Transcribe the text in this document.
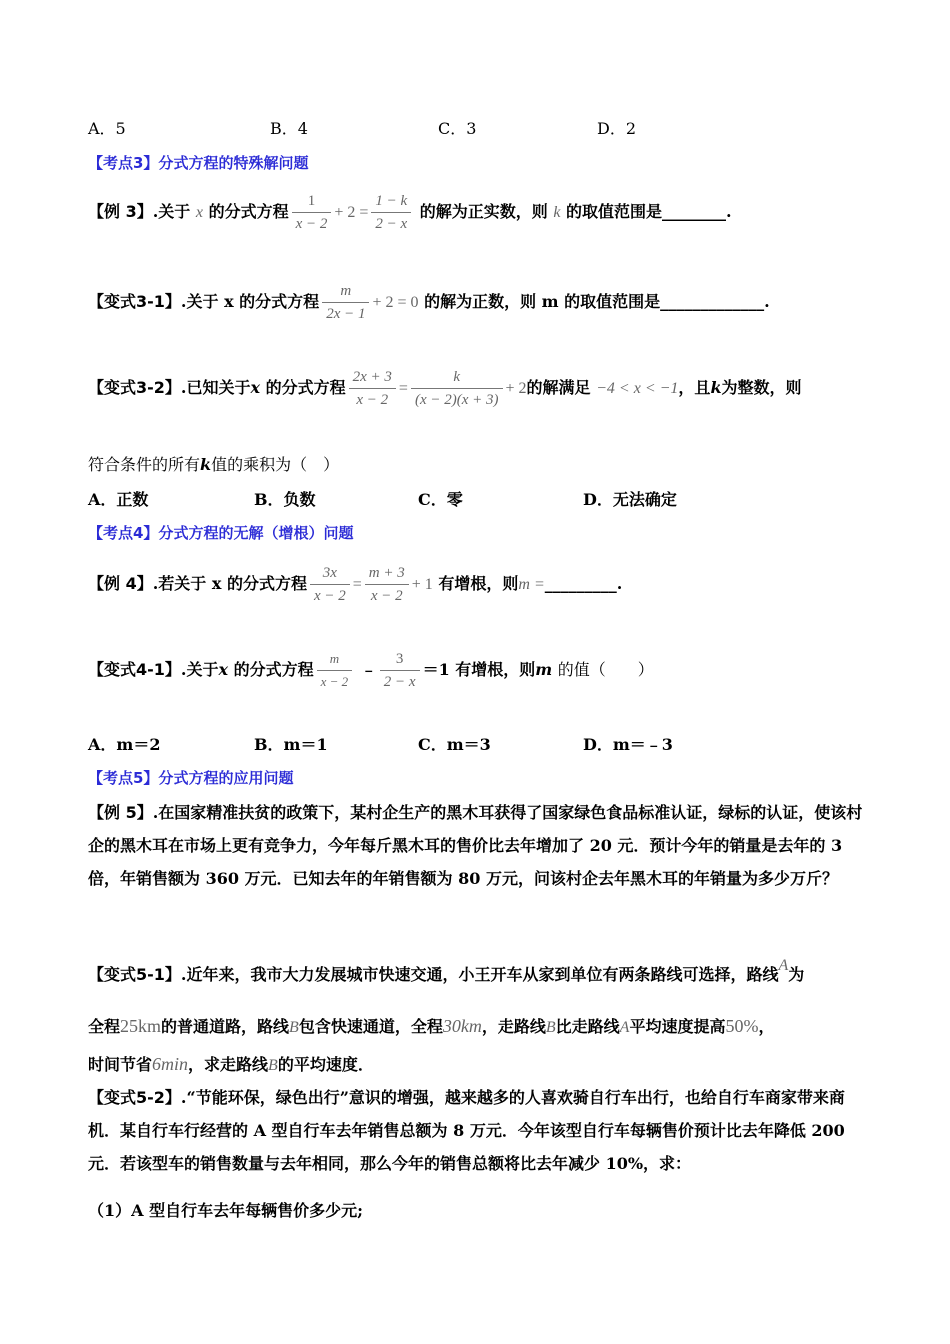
A．5	B．4	C．3	D．2
【考点3】分式方程的特殊解问题
【例 3】.关于 x 的分式方程 $\frac{1}{x - 2} + 2 = \frac{1 - k}{2 - x}$ 的解为正实数，则 k 的取值范围是________.
【变式3-1】.关于 x 的分式方程 $\frac{m}{2x - 1} + 2 = 0$ 的解为正数，则 m 的取值范围是_____________.
【变式3-2】.已知关于x 的分式方程 $\frac{2x + 3}{x - 2} = \frac{k}{(x - 2)(x + 3)} + 2$的解满足 −4 < x < −1，且k为整数，则
符合条件的所有k值的乘积为（　）
A．正数	B．负数	C．零	D．无法确定
【考点4】分式方程的无解（增根）问题
【例 4】.若关于 x 的分式方程 $\frac{3x}{x - 2} = \frac{m + 3}{x - 2} + 1$ 有增根，则m =_________.
【变式4-1】.关于x 的分式方程 $\frac{m}{x - 2}$ ﹣ $\frac{3}{2 - x} =1$ 有增根，则m 的值（　　）
A．m＝2	B．m＝1	C．m＝3	D．m＝﹣3
【考点5】分式方程的应用问题
【例 5】.在国家精准扶贫的政策下，某村企生产的黑木耳获得了国家绿色食品标准认证，绿标的认证，使该村企的黑木耳在市场上更有竞争力，今年每斤黑木耳的售价比去年增加了 20 元．预计今年的销量是去年的 3 倍，年销售额为 360 万元．已知去年的年销售额为 80 万元，问该村企去年黑木耳的年销量为多少万斤？
【变式5-1】.近年来，我市大力发展城市快速交通，小王开车从家到单位有两条路线可选择，路线A为
全程25km的普通道路，路线B包含快速通道，全程30km，走路线B比走路线A平均速度提高50%，
时间节省6min，求走路线B的平均速度．
【变式5-2】.“节能环保，绿色出行”意识的增强，越来越多的人喜欢骑自行车出行，也给自行车商家带来商机．某自行车行经营的 A 型自行车去年销售总额为 8 万元．今年该型自行车每辆售价预计比去年降低 200 元．若该型车的销售数量与去年相同，那么今年的销售总额将比去年减少 10%，求：
（1）A 型自行车去年每辆售价多少元;
